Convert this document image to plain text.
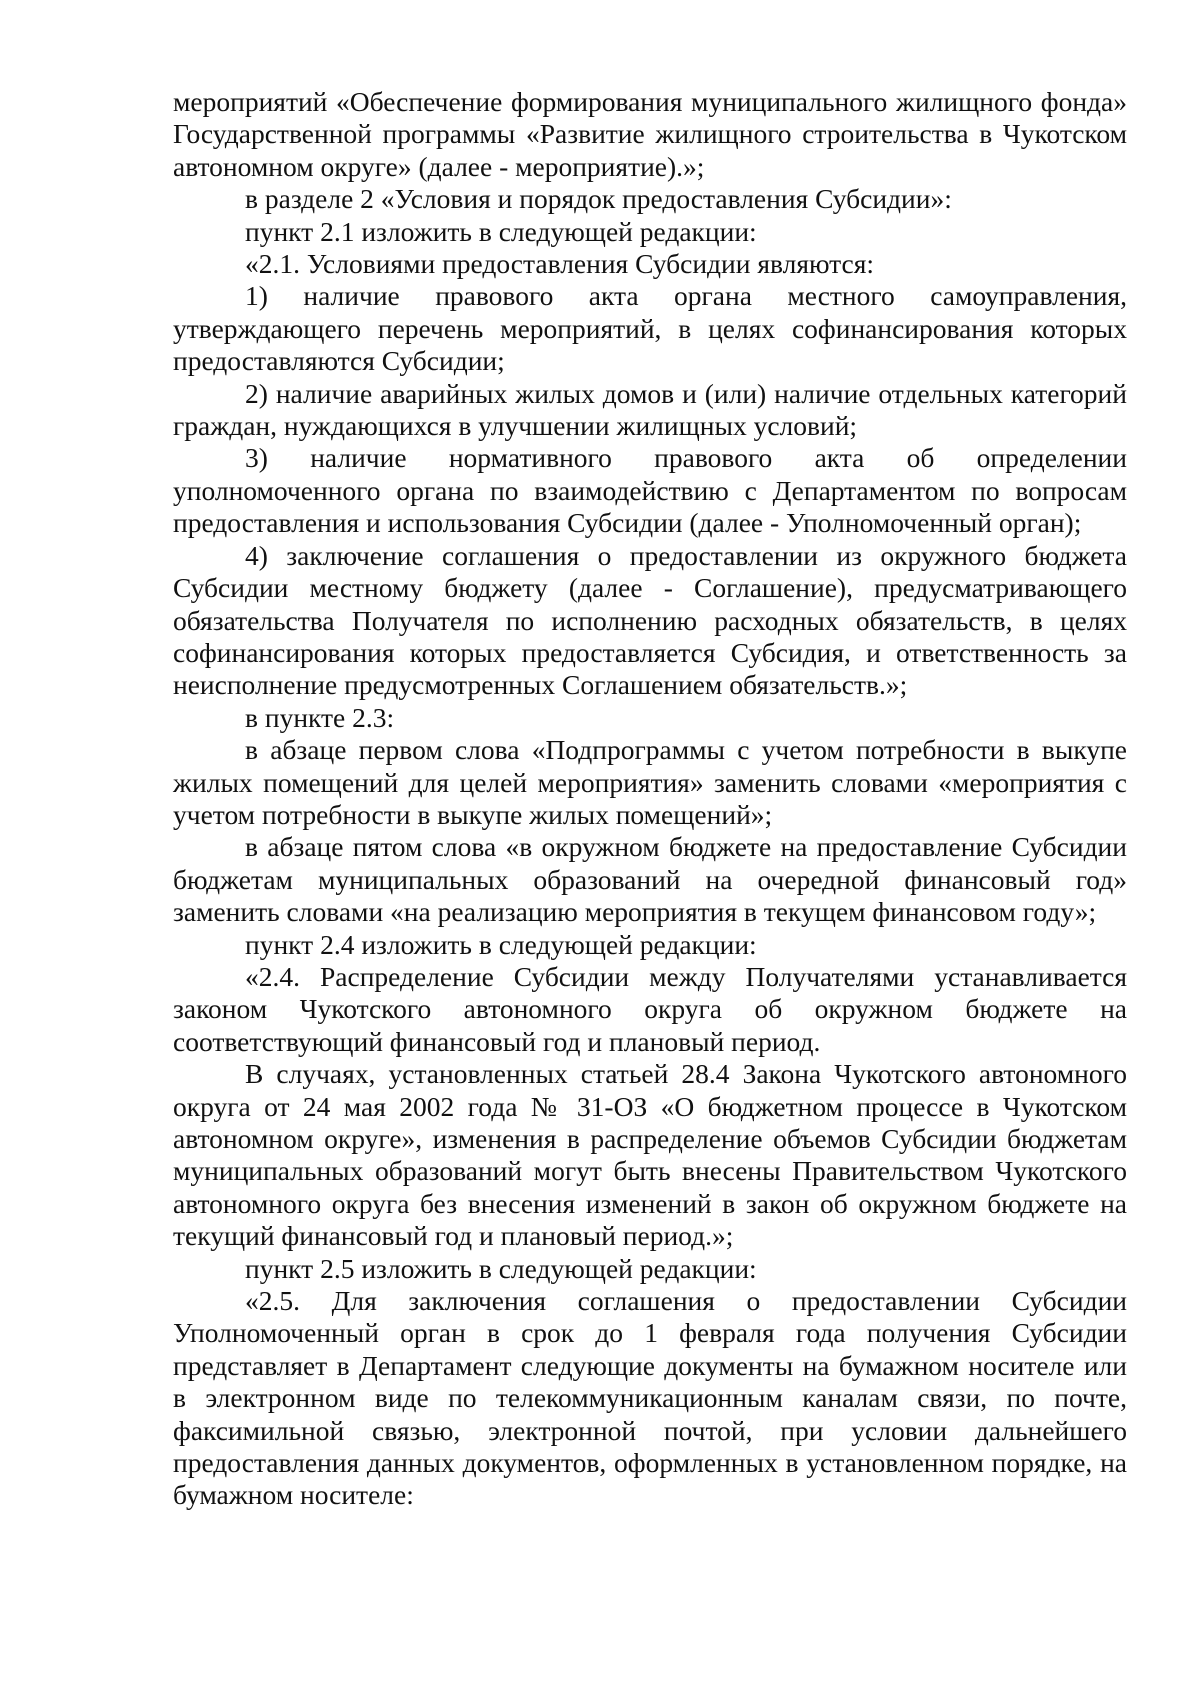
мероприятий «Обеспечение формирования муниципального жилищного фонда» Государственной программы «Развитие жилищного строительства в Чукотском автономном округе» (далее - мероприятие).»;

в разделе 2 «Условия и порядок предоставления Субсидии»:

пункт 2.1 изложить в следующей редакции:

«2.1. Условиями предоставления Субсидии являются:

1) наличие правового акта органа местного самоуправления, утверждающего перечень мероприятий, в целях софинансирования которых предоставляются Субсидии;

2) наличие аварийных жилых домов и (или) наличие отдельных категорий граждан, нуждающихся в улучшении жилищных условий;

3) наличие нормативного правового акта об определении уполномоченного органа по взаимодействию с Департаментом по вопросам предоставления и использования Субсидии (далее - Уполномоченный орган);

4) заключение соглашения о предоставлении из окружного бюджета Субсидии местному бюджету (далее - Соглашение), предусматривающего обязательства Получателя по исполнению расходных обязательств, в целях софинансирования которых предоставляется Субсидия, и ответственность за неисполнение предусмотренных Соглашением обязательств.»;

в пункте 2.3:

в абзаце первом слова «Подпрограммы с учетом потребности в выкупе жилых помещений для целей мероприятия» заменить словами «мероприятия с учетом потребности в выкупе жилых помещений»;

в абзаце пятом слова «в окружном бюджете на предоставление Субсидии бюджетам муниципальных образований на очередной финансовый год» заменить словами «на реализацию мероприятия в текущем финансовом году»;

пункт 2.4 изложить в следующей редакции:

«2.4. Распределение Субсидии между Получателями устанавливается законом Чукотского автономного округа об окружном бюджете на соответствующий финансовый год и плановый период.

В случаях, установленных статьей 28.4 Закона Чукотского автономного округа от 24 мая 2002 года № 31-ОЗ «О бюджетном процессе в Чукотском автономном округе», изменения в распределение объемов Субсидии бюджетам муниципальных образований могут быть внесены Правительством Чукотского автономного округа без внесения изменений в закон об окружном бюджете на текущий финансовый год и плановый период.»;

пункт 2.5 изложить в следующей редакции:

«2.5. Для заключения соглашения о предоставлении Субсидии Уполномоченный орган в срок до 1 февраля года получения Субсидии представляет в Департамент следующие документы на бумажном носителе или в электронном виде по телекоммуникационным каналам связи, по почте, факсимильной связью, электронной почтой, при условии дальнейшего предоставления данных документов, оформленных в установленном порядке, на бумажном носителе:
